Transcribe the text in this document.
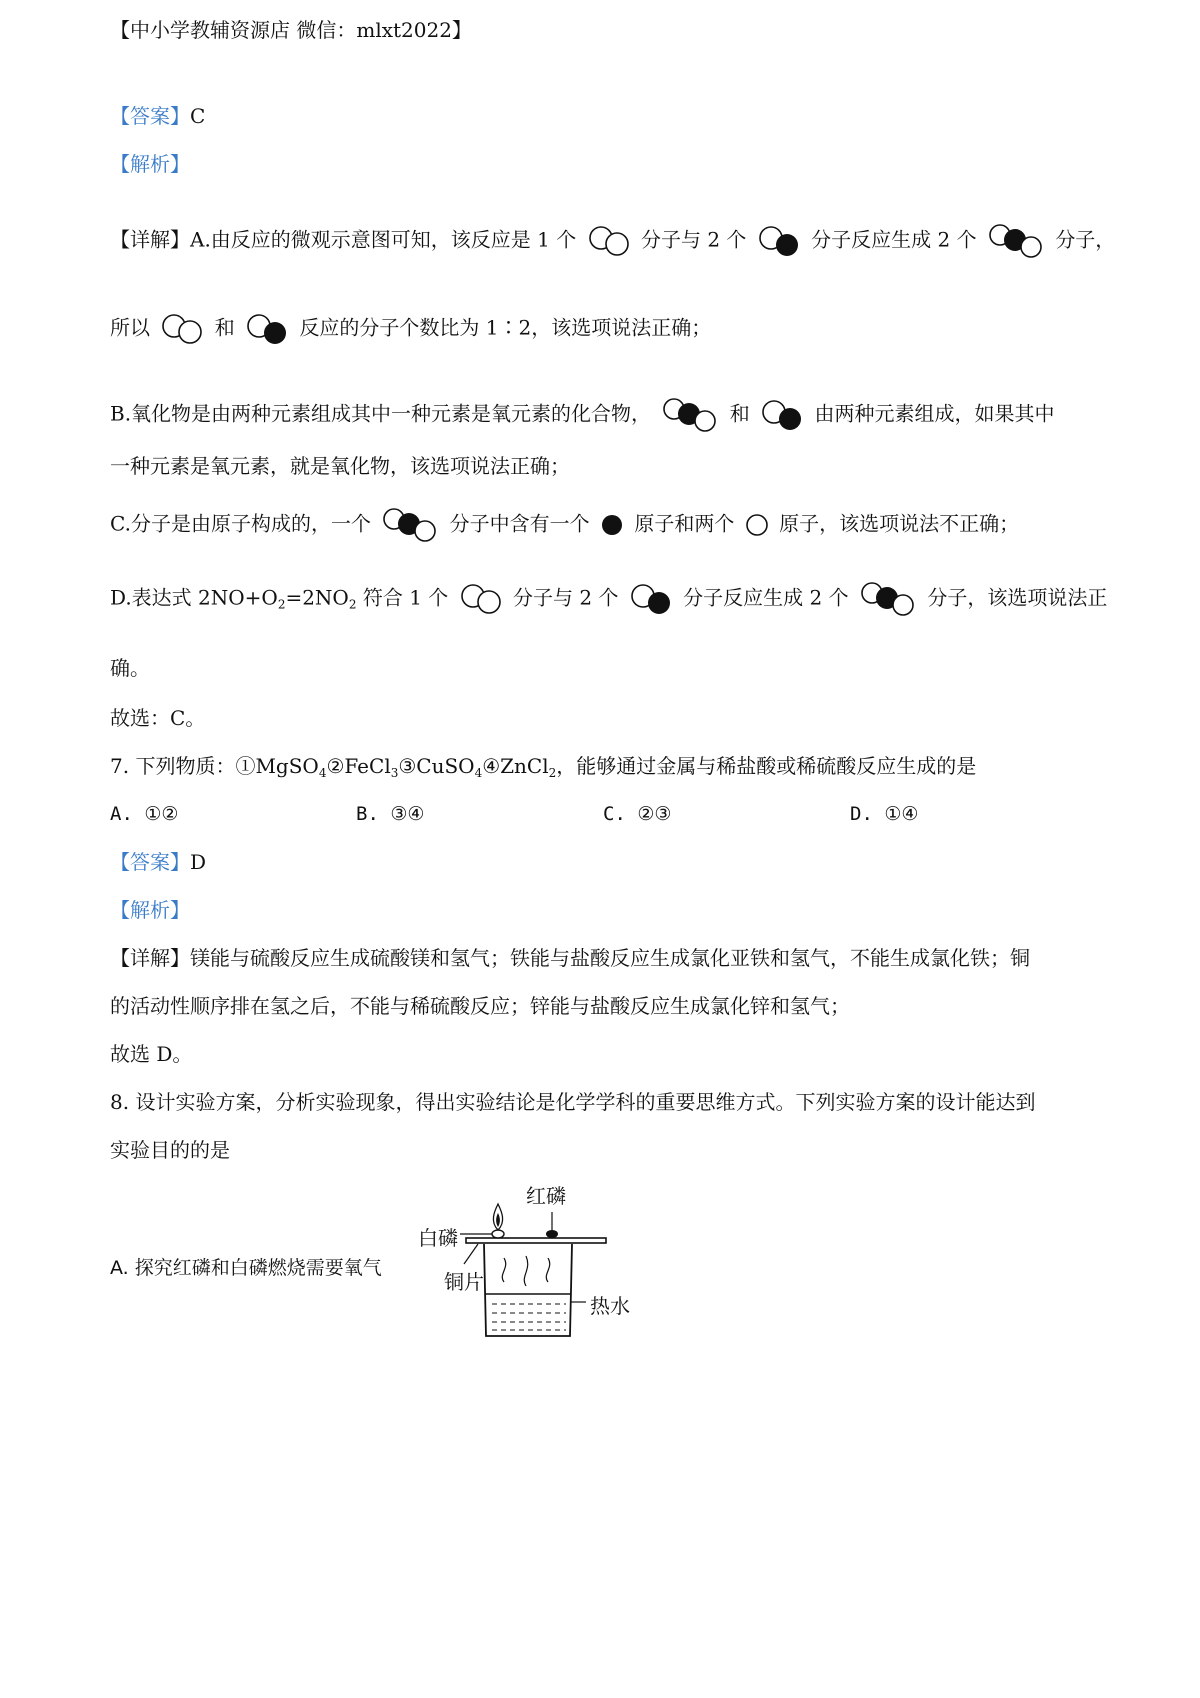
【中小学教辅资源店 微信：mlxt2022】
【答案】C
【解析】
【详解】A.由反应的微观示意图可知，该反应是 1 个	分子与 2 个	分子反应生成 2 个	分子，
所以	和	反应的分子个数比为 1∶2，该选项说法正确；
B.氧化物是由两种元素组成其中一种元素是氧元素的化合物，	和	由两种元素组成，如果其中
一种元素是氧元素，就是氧化物，该选项说法正确；
C.分子是由原子构成的，一个	分子中含有一个 原子和两个 原子，该选项说法不正确；
D.表达式 $2NO+O_2=2NO_2$ 符合 1 个	分子与 2 个	分子反应生成 2 个	分子，该选项说法正
确。
故选：C。
7. 下列物质：①MgSO$_4$②FeCl$_3$③CuSO$_4$④ZnCl$_2$，能够通过金属与稀盐酸或稀硫酸反应生成的是
A. ①②	B. ③④	C. ②③	D. ①④
【答案】D
【解析】
【详解】镁能与硫酸反应生成硫酸镁和氢气；铁能与盐酸反应生成氯化亚铁和氢气，不能生成氯化铁；铜
的活动性顺序排在氢之后，不能与稀硫酸反应；锌能与盐酸反应生成氯化锌和氢气；
故选 D。
8. 设计实验方案，分析实验现象，得出实验结论是化学学科的重要思维方式。下列实验方案的设计能达到
实验目的的是
A. 探究红磷和白磷燃烧需要氧气
红磷
白磷
铜片
热水
